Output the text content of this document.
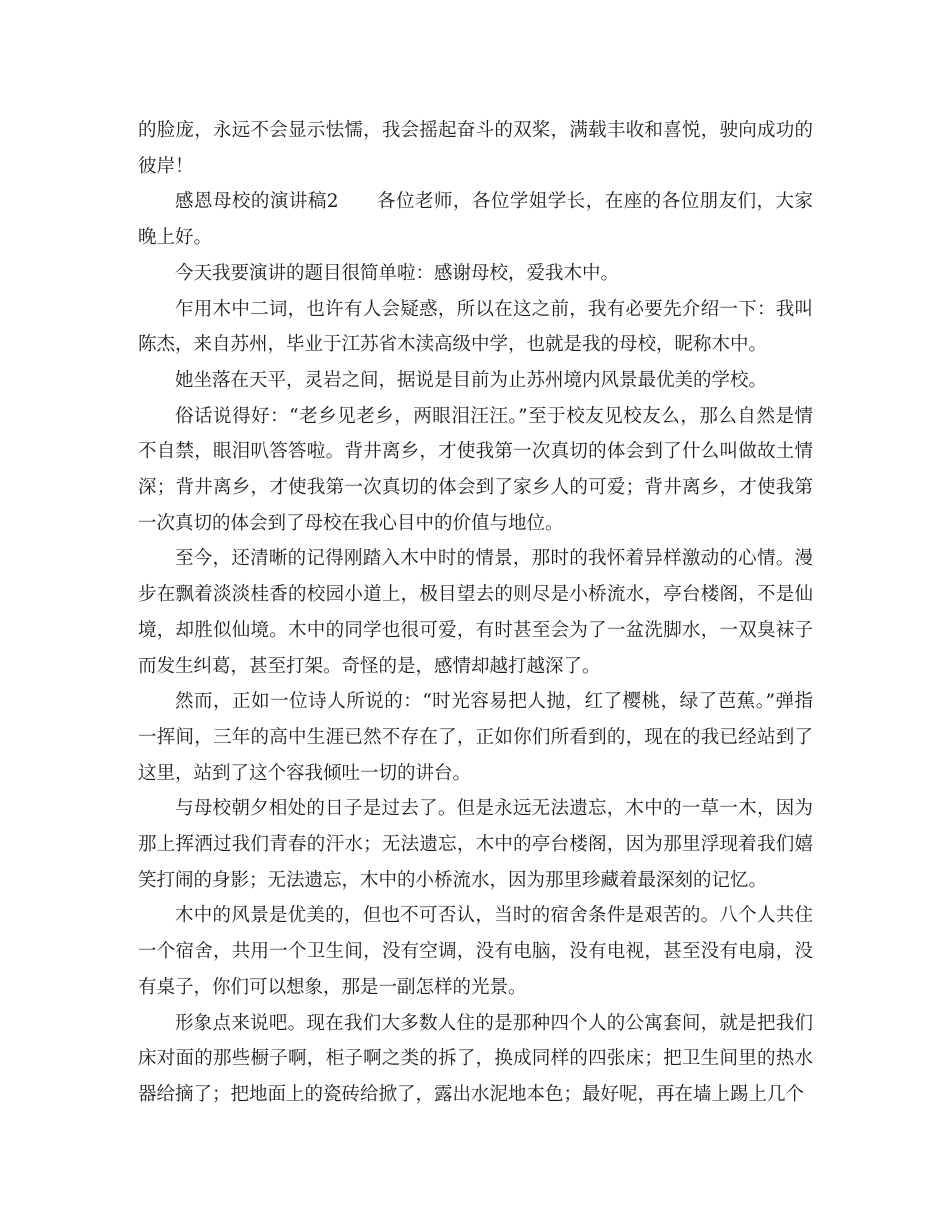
的脸庞，永远不会显示怯懦，我会摇起奋斗的双桨，满载丰收和喜悦，驶向成功的彼岸！

感恩母校的演讲稿2　　各位老师，各位学姐学长，在座的各位朋友们，大家晚上好。

今天我要演讲的题目很简单啦：感谢母校，爱我木中。

乍用木中二词，也许有人会疑惑，所以在这之前，我有必要先介绍一下：我叫陈杰，来自苏州，毕业于江苏省木渎高级中学，也就是我的母校，昵称木中。

她坐落在天平，灵岩之间，据说是目前为止苏州境内风景最优美的学校。

俗话说得好：“老乡见老乡，两眼泪汪汪。”至于校友见校友么，那么自然是情不自禁，眼泪叭答答啦。背井离乡，才使我第一次真切的体会到了什么叫做故土情深；背井离乡，才使我第一次真切的体会到了家乡人的可爱；背井离乡，才使我第一次真切的体会到了母校在我心目中的价值与地位。

至今，还清晰的记得刚踏入木中时的情景，那时的我怀着异样激动的心情。漫步在飘着淡淡桂香的校园小道上，极目望去的则尽是小桥流水，亭台楼阁，不是仙境，却胜似仙境。木中的同学也很可爱，有时甚至会为了一盆洗脚水，一双臭袜子而发生纠葛，甚至打架。奇怪的是，感情却越打越深了。

然而，正如一位诗人所说的：“时光容易把人抛，红了樱桃，绿了芭蕉。”弹指一挥间，三年的高中生涯已然不存在了，正如你们所看到的，现在的我已经站到了这里，站到了这个容我倾吐一切的讲台。

与母校朝夕相处的日子是过去了。但是永远无法遗忘，木中的一草一木，因为那上挥洒过我们青春的汗水；无法遗忘，木中的亭台楼阁，因为那里浮现着我们嬉笑打闹的身影；无法遗忘，木中的小桥流水，因为那里珍藏着最深刻的记忆。

木中的风景是优美的，但也不可否认，当时的宿舍条件是艰苦的。八个人共住一个宿舍，共用一个卫生间，没有空调，没有电脑，没有电视，甚至没有电扇，没有桌子，你们可以想象，那是一副怎样的光景。

形象点来说吧。现在我们大多数人住的是那种四个人的公寓套间，就是把我们床对面的那些橱子啊，柜子啊之类的拆了，换成同样的四张床；把卫生间里的热水器给摘了；把地面上的瓷砖给掀了，露出水泥地本色；最好呢，再在墙上踢上几个
